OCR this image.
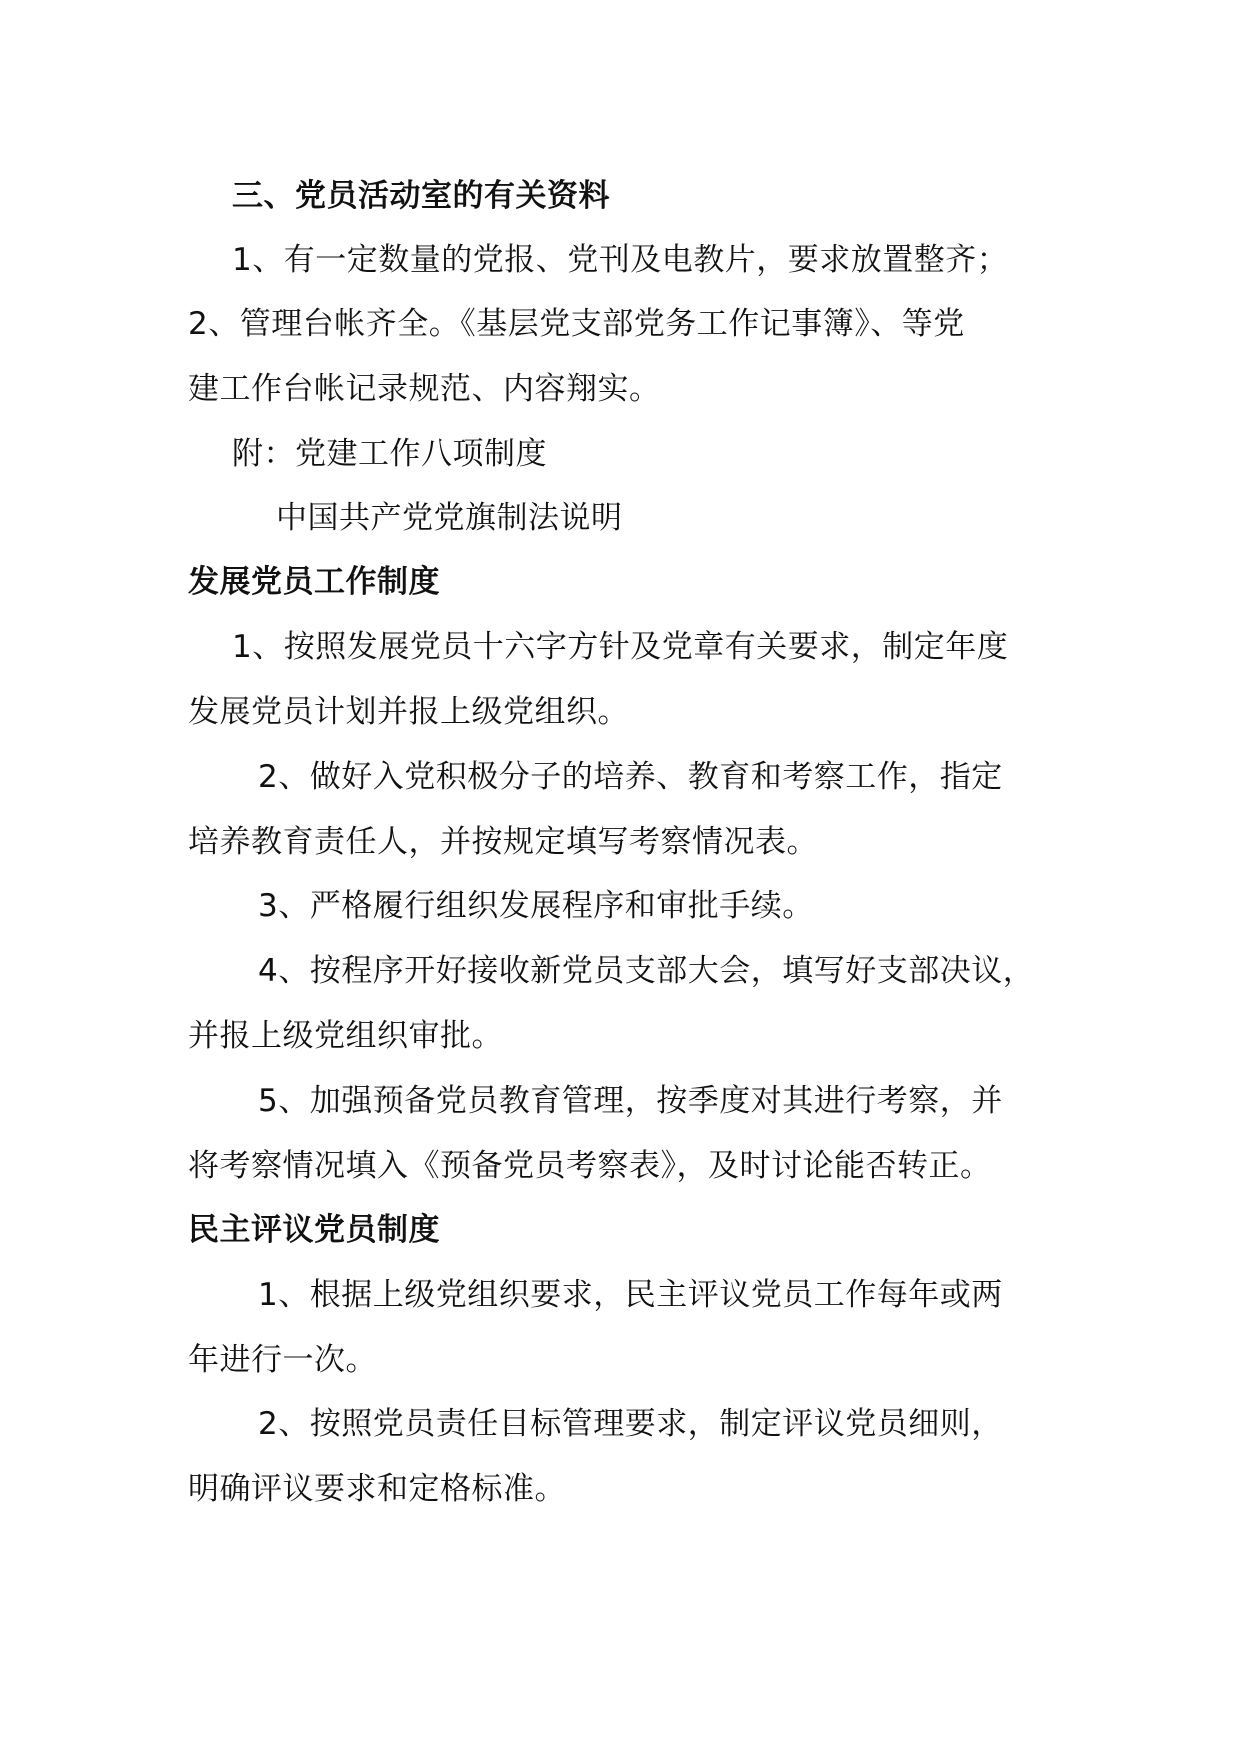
三、党员活动室的有关资料
1、有一定数量的党报、党刊及电教片，要求放置整齐；
2、管理台帐齐全。《基层党支部党务工作记事簿》、等党
建工作台帐记录规范、内容翔实。
附：党建工作八项制度
中国共产党党旗制法说明
发展党员工作制度
1、按照发展党员十六字方针及党章有关要求，制定年度
发展党员计划并报上级党组织。
2、做好入党积极分子的培养、教育和考察工作，指定
培养教育责任人，并按规定填写考察情况表。
3、严格履行组织发展程序和审批手续。
4、按程序开好接收新党员支部大会，填写好支部决议，
并报上级党组织审批。
5、加强预备党员教育管理，按季度对其进行考察，并
将考察情况填入《预备党员考察表》，及时讨论能否转正。
民主评议党员制度
1、根据上级党组织要求，民主评议党员工作每年或两
年进行一次。
2、按照党员责任目标管理要求，制定评议党员细则，
明确评议要求和定格标准。
